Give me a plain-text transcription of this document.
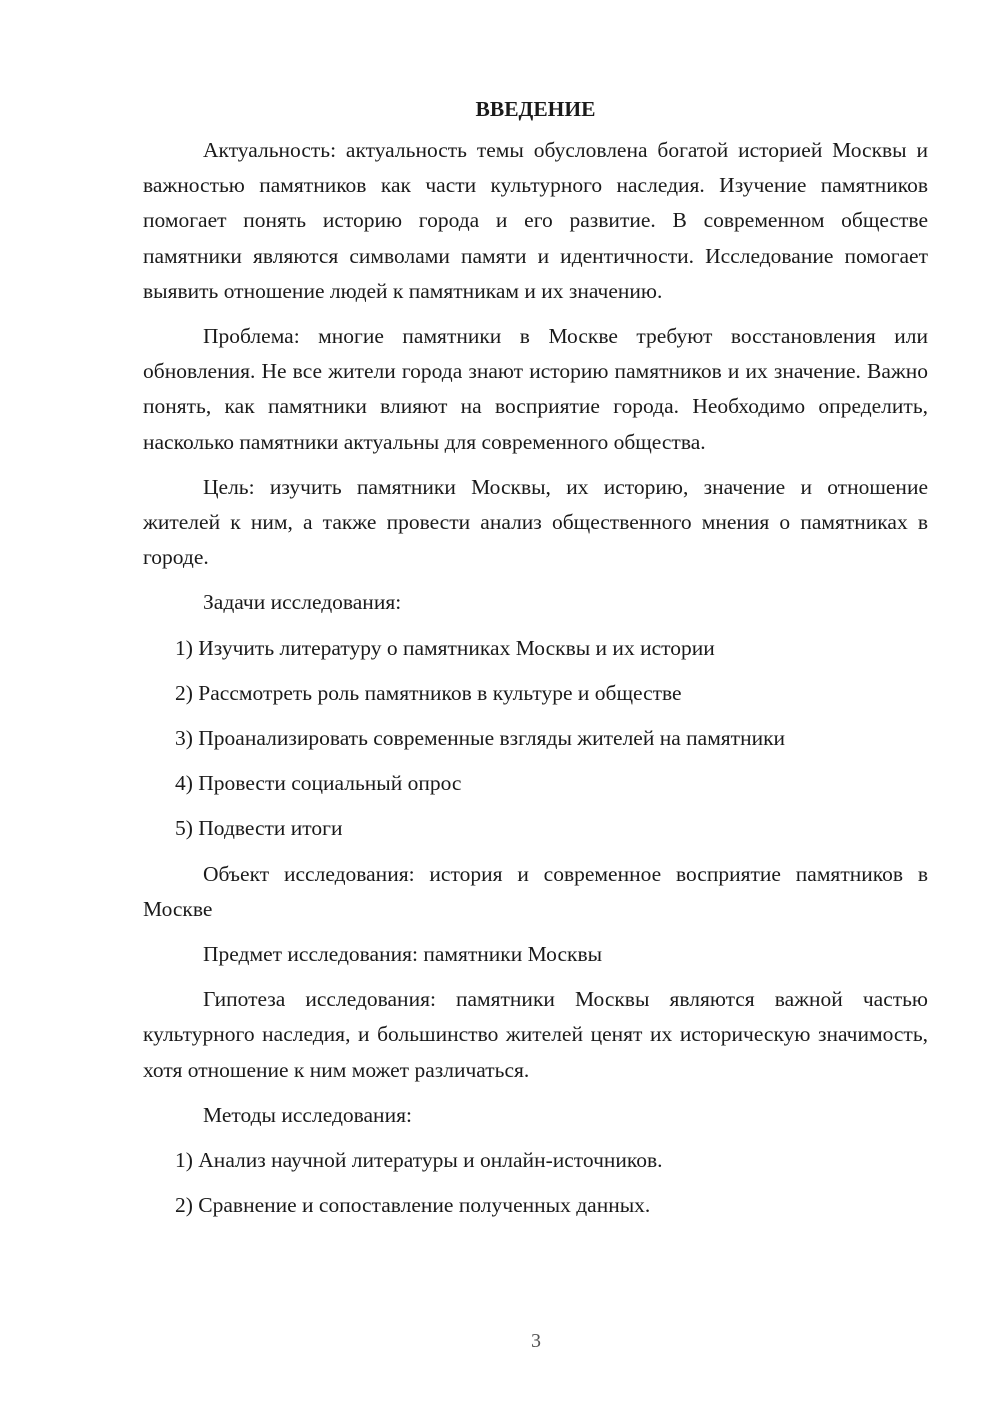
ВВЕДЕНИЕ

Актуальность: актуальность темы обусловлена богатой историей Москвы и важностью памятников как части культурного наследия. Изучение памятников помогает понять историю города и его развитие. В современном обществе памятники являются символами памяти и идентичности. Исследование помогает выявить отношение людей к памятникам и их значению.

Проблема: многие памятники в Москве требуют восстановления или обновления. Не все жители города знают историю памятников и их значение. Важно понять, как памятники влияют на восприятие города. Необходимо определить, насколько памятники актуальны для современного общества.

Цель: изучить памятники Москвы, их историю, значение и отношение жителей к ним, а также провести анализ общественного мнения о памятниках в городе.

Задачи исследования:
1) Изучить литературу о памятниках Москвы и их истории
2) Рассмотреть роль памятников в культуре и обществе
3) Проанализировать современные взгляды жителей на памятники
4) Провести социальный опрос
5) Подвести итоги

Объект исследования: история и современное восприятие памятников в Москве

Предмет исследования: памятники Москвы

Гипотеза исследования: памятники Москвы являются важной частью культурного наследия, и большинство жителей ценят их историческую значимость, хотя отношение к ним может различаться.

Методы исследования:
1) Анализ научной литературы и онлайн-источников.
2) Сравнение и сопоставление полученных данных.
3
